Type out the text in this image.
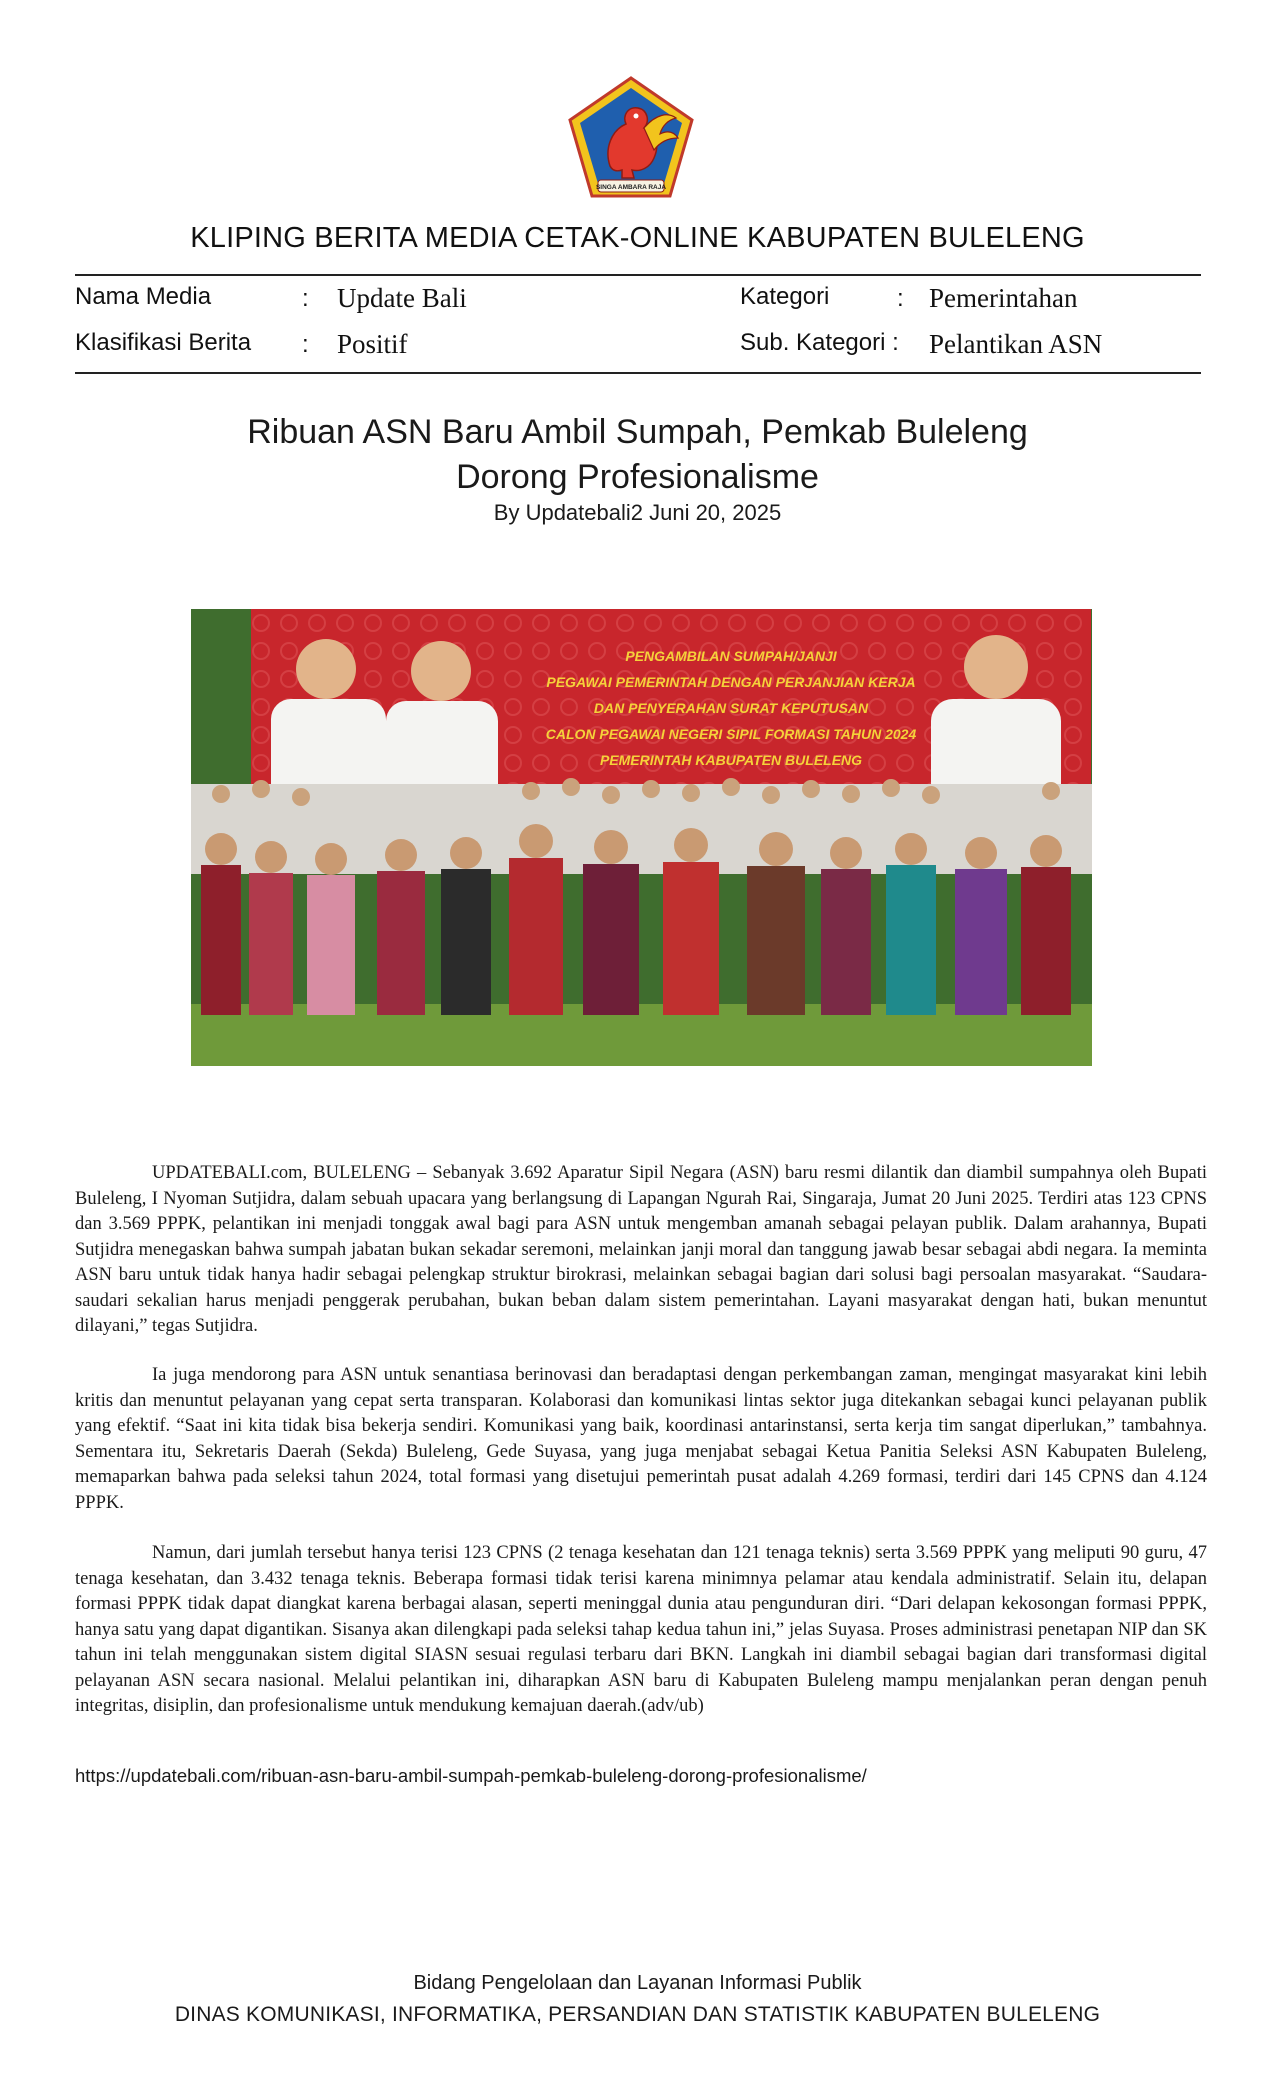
SINGA AMBARA RAJA
KLIPING BERITA MEDIA CETAK-ONLINE KABUPATEN BULELENG
Nama Media	: Update Bali	Kategori	: Pemerintahan
Klasifikasi Berita : Positif	Sub. Kategori : Pelantikan ASN
Ribuan ASN Baru Ambil Sumpah, Pemkab Buleleng
Dorong Profesionalisme
By Updatebali2 Juni 20, 2025
PENGAMBILAN SUMPAH/JANJI
PEGAWAI PEMERINTAH DENGAN PERJANJIAN KERJA
DAN PENYERAHAN SURAT KEPUTUSAN
CALON PEGAWAI NEGERI SIPIL FORMASI TAHUN 2024
PEMERINTAH KABUPATEN BULELENG
UPDATEBALI.com, BULELENG – Sebanyak 3.692 Aparatur Sipil Negara (ASN) baru resmi dilantik dan diambil sumpahnya oleh Bupati Buleleng, I Nyoman Sutjidra, dalam sebuah upacara yang berlangsung di Lapangan Ngurah Rai, Singaraja, Jumat 20 Juni 2025. Terdiri atas 123 CPNS dan 3.569 PPPK, pelantikan ini menjadi tonggak awal bagi para ASN untuk mengemban amanah sebagai pelayan publik. Dalam arahannya, Bupati Sutjidra menegaskan bahwa sumpah jabatan bukan sekadar seremoni, melainkan janji moral dan tanggung jawab besar sebagai abdi negara. Ia meminta ASN baru untuk tidak hanya hadir sebagai pelengkap struktur birokrasi, melainkan sebagai bagian dari solusi bagi persoalan masyarakat. “Saudara-saudari sekalian harus menjadi penggerak perubahan, bukan beban dalam sistem pemerintahan. Layani masyarakat dengan hati, bukan menuntut dilayani,” tegas Sutjidra.
Ia juga mendorong para ASN untuk senantiasa berinovasi dan beradaptasi dengan perkembangan zaman, mengingat masyarakat kini lebih kritis dan menuntut pelayanan yang cepat serta transparan. Kolaborasi dan komunikasi lintas sektor juga ditekankan sebagai kunci pelayanan publik yang efektif. “Saat ini kita tidak bisa bekerja sendiri. Komunikasi yang baik, koordinasi antarinstansi, serta kerja tim sangat diperlukan,” tambahnya. Sementara itu, Sekretaris Daerah (Sekda) Buleleng, Gede Suyasa, yang juga menjabat sebagai Ketua Panitia Seleksi ASN Kabupaten Buleleng, memaparkan bahwa pada seleksi tahun 2024, total formasi yang disetujui pemerintah pusat adalah 4.269 formasi, terdiri dari 145 CPNS dan 4.124 PPPK.
Namun, dari jumlah tersebut hanya terisi 123 CPNS (2 tenaga kesehatan dan 121 tenaga teknis) serta 3.569 PPPK yang meliputi 90 guru, 47 tenaga kesehatan, dan 3.432 tenaga teknis. Beberapa formasi tidak terisi karena minimnya pelamar atau kendala administratif. Selain itu, delapan formasi PPPK tidak dapat diangkat karena berbagai alasan, seperti meninggal dunia atau pengunduran diri. “Dari delapan kekosongan formasi PPPK, hanya satu yang dapat digantikan. Sisanya akan dilengkapi pada seleksi tahap kedua tahun ini,” jelas Suyasa. Proses administrasi penetapan NIP dan SK tahun ini telah menggunakan sistem digital SIASN sesuai regulasi terbaru dari BKN. Langkah ini diambil sebagai bagian dari transformasi digital pelayanan ASN secara nasional. Melalui pelantikan ini, diharapkan ASN baru di Kabupaten Buleleng mampu menjalankan peran dengan penuh integritas, disiplin, dan profesionalisme untuk mendukung kemajuan daerah.(adv/ub)
https://updatebali.com/ribuan-asn-baru-ambil-sumpah-pemkab-buleleng-dorong-profesionalisme/
Bidang Pengelolaan dan Layanan Informasi Publik
DINAS KOMUNIKASI, INFORMATIKA, PERSANDIAN DAN STATISTIK KABUPATEN BULELENG
